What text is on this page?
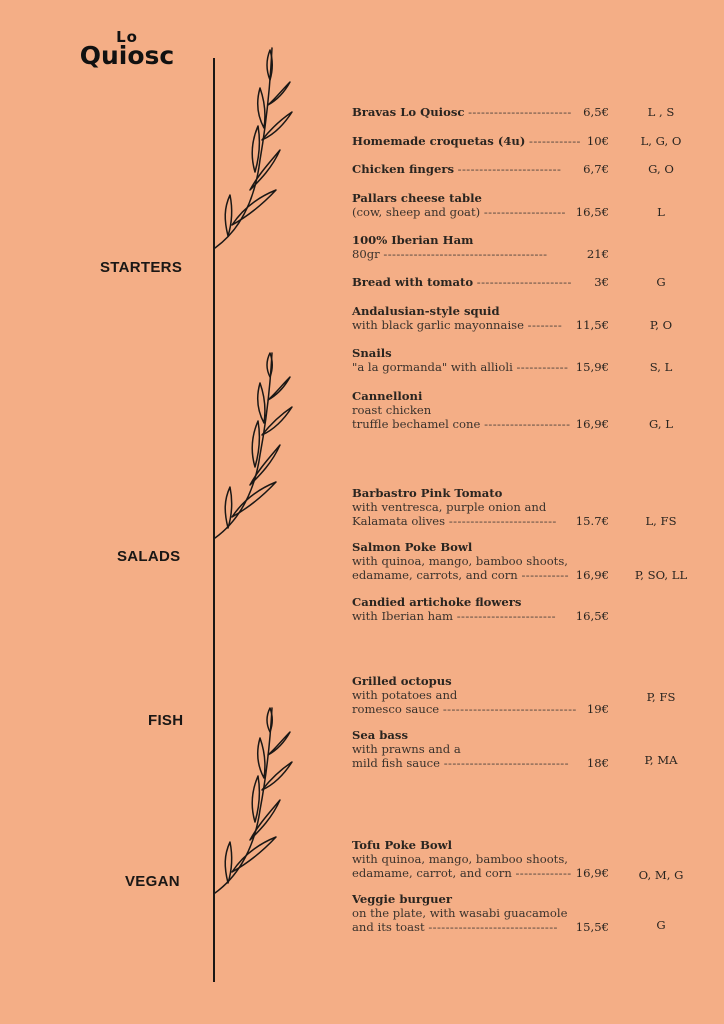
Lo
Quiosc
STARTERS
SALADS
FISH
VEGAN
Bravas Lo Quiosc ------------------------ 6,5€	L , S
Homemade croquetas (4u) ------------ 10€	L, G, O
Chicken fingers ------------------------	6,7€	G, O
Pallars cheese table
(cow, sheep and goat) ------------------- 16,5€	L
100% Iberian Ham
80gr --------------------------------------	21€
Bread with tomato ----------------------	3€	G
Andalusian-style squid
with black garlic mayonnaise --------	11,5€	P, O
Snails
"a la gormanda" with allioli ------------ 15,9€	S, L
Cannelloni
roast chicken
truffle bechamel cone -------------------- 16,9€	G, L
Barbastro Pink Tomato
with ventresca, purple onion and
Kalamata olives -------------------------	15.7€	L, FS
Salmon Poke Bowl
with quinoa, mango, bamboo shoots,
edamame, carrots, and corn ----------- 16,9€	P, SO, LL
Candied artichoke flowers
with Iberian ham -----------------------	16,5€
Grilled octopus
with potatoes and	P, FS
romesco sauce ------------------------------- 19€
Sea bass
with prawns and a
mild fish sauce -----------------------------	18€	P, MA
Tofu Poke Bowl
with quinoa, mango, bamboo shoots,
edamame, carrot, and corn ------------- 16,9€	O, M, G
Veggie burguer
on the plate, with wasabi guacamole
and its toast ------------------------------	15,5€	G
